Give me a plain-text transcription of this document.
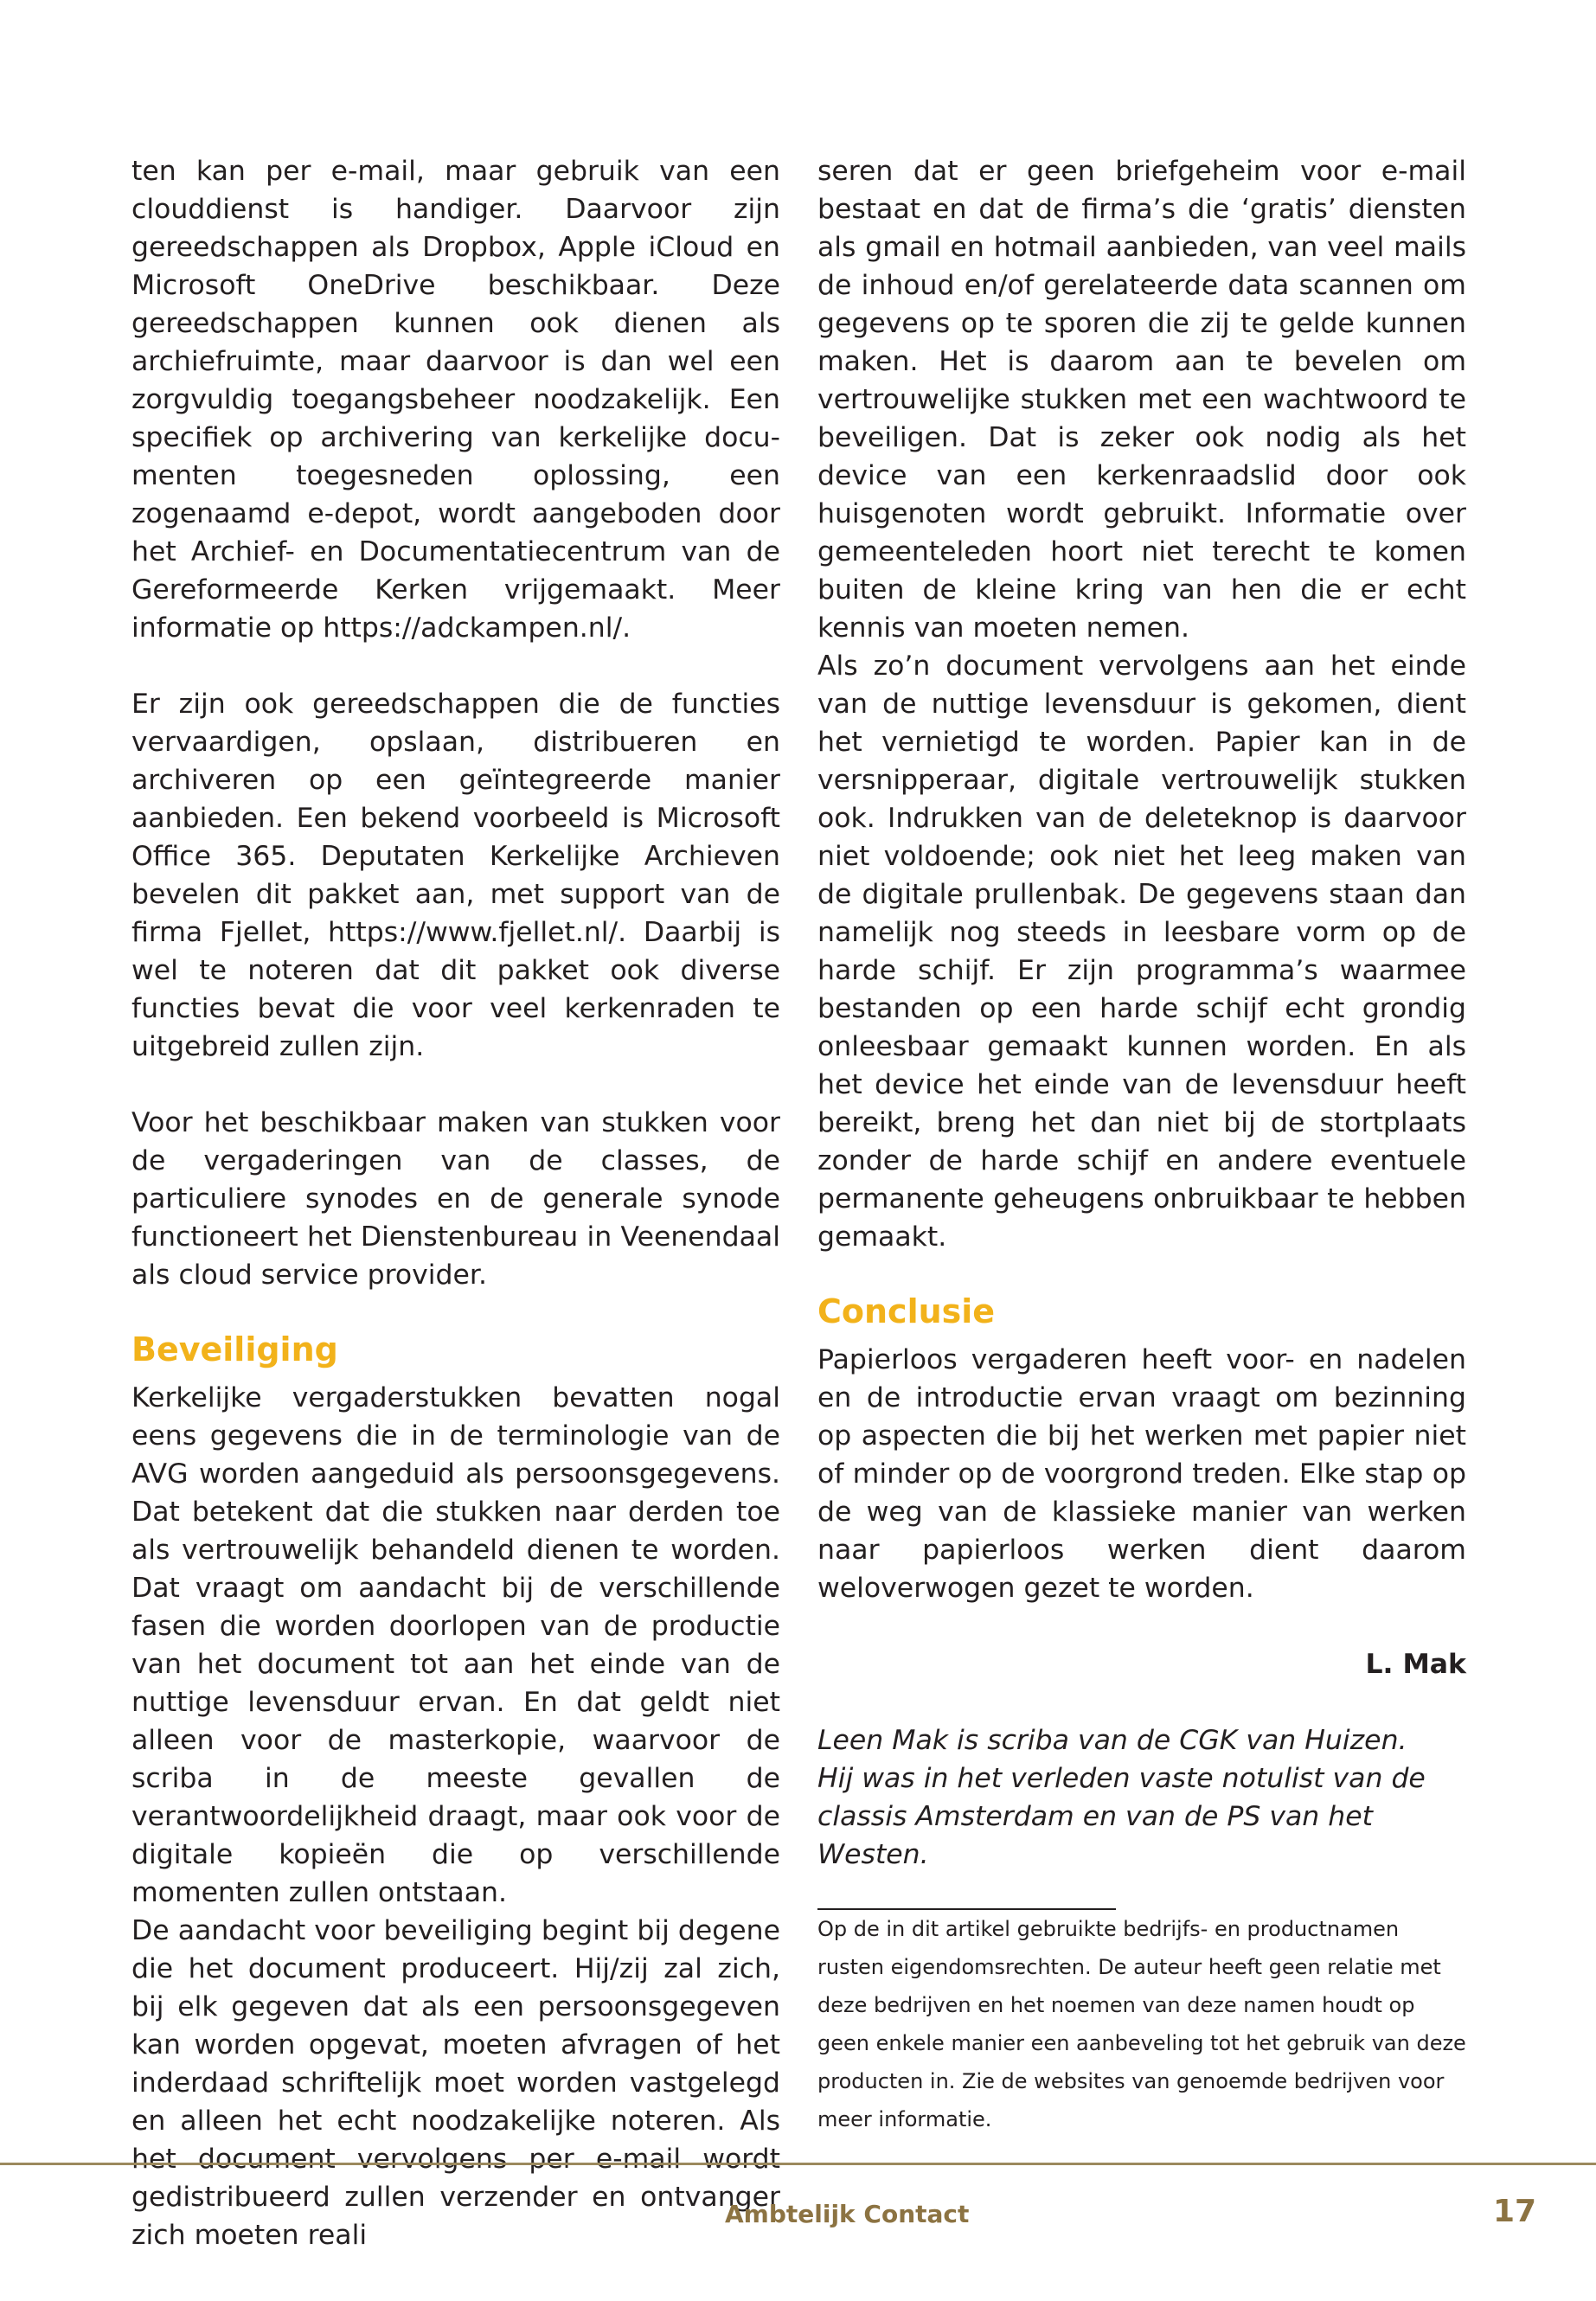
ten kan per e-mail, maar gebruik van een clouddienst is handiger. Daarvoor zijn gereedschappen als Dropbox, Apple iCloud en Microsoft OneDrive beschikbaar. Deze gereedschappen kunnen ook dienen als archiefruimte, maar daarvoor is dan wel een zorgvuldig toegangsbeheer noodzakelijk. Een specifiek op archivering van kerkelijke documenten toegesneden oplossing, een zogenaamd e-depot, wordt aangeboden door het Archief- en Documentatiecentrum van de Gereformeerde Kerken vrijgemaakt. Meer informatie op https://adckampen.nl/.

Er zijn ook gereedschappen die de functies vervaardigen, opslaan, distribueren en archiveren op een geïntegreerde manier aanbieden. Een bekend voorbeeld is Microsoft Office 365. Deputaten Kerkelijke Archieven bevelen dit pakket aan, met support van de firma Fjellet, https://www.fjellet.nl/. Daarbij is wel te noteren dat dit pakket ook diverse functies bevat die voor veel kerkenraden te uitgebreid zullen zijn.

Voor het beschikbaar maken van stukken voor de vergaderingen van de classes, de particuliere synodes en de generale synode functioneert het Dienstenbureau in Veenendaal als cloud service provider.

Beveiliging

Kerkelijke vergaderstukken bevatten nogal eens gegevens die in de terminologie van de AVG worden aangeduid als persoonsgegevens. Dat betekent dat die stukken naar derden toe als vertrouwelijk behandeld dienen te worden. Dat vraagt om aandacht bij de verschillende fasen die worden doorlopen van de productie van het document tot aan het einde van de nuttige levensduur ervan. En dat geldt niet alleen voor de masterkopie, waarvoor de scriba in de meeste gevallen de verantwoordelijkheid draagt, maar ook voor de digitale kopieën die op verschillende momenten zullen ontstaan.

De aandacht voor beveiliging begint bij degene die het document produceert. Hij/zij zal zich, bij elk gegeven dat als een persoonsgegeven kan worden opgevat, moeten afvragen of het inderdaad schriftelijk moet worden vastgelegd en alleen het echt noodzakelijke noteren. Als het document vervolgens per e-mail wordt gedistribueerd zullen verzender en ontvanger zich moeten reali

seren dat er geen briefgeheim voor e-mail bestaat en dat de firma’s die ‘gratis’ diensten als gmail en hotmail aanbieden, van veel mails de inhoud en/of gerelateerde data scannen om gegevens op te sporen die zij te gelde kunnen maken. Het is daarom aan te bevelen om vertrouwelijke stukken met een wachtwoord te beveiligen. Dat is zeker ook nodig als het device van een kerkenraadslid door ook huisgenoten wordt gebruikt. Informatie over gemeenteleden hoort niet terecht te komen buiten de kleine kring van hen die er echt kennis van moeten nemen.

Als zo’n document vervolgens aan het einde van de nuttige levensduur is gekomen, dient het vernietigd te worden. Papier kan in de versnipperaar, digitale vertrouwelijk stukken ook. Indrukken van de deleteknop is daarvoor niet voldoende; ook niet het leeg maken van de digitale prullenbak. De gegevens staan dan namelijk nog steeds in leesbare vorm op de harde schijf. Er zijn programma’s waarmee bestanden op een harde schijf echt grondig onleesbaar gemaakt kunnen worden. En als het device het einde van de levensduur heeft bereikt, breng het dan niet bij de stortplaats zonder de harde schijf en andere eventuele permanente geheugens onbruikbaar te hebben gemaakt.

Conclusie

Papierloos vergaderen heeft voor- en nadelen en de introductie ervan vraagt om bezinning op aspecten die bij het werken met papier niet of minder op de voorgrond treden. Elke stap op de weg van de klassieke manier van werken naar papierloos werken dient daarom weloverwogen gezet te worden.

L. Mak

Leen Mak is scriba van de CGK van Huizen.

Hij was in het verleden vaste notulist van de classis Amsterdam en van de PS van het Westen.

Op de in dit artikel gebruikte bedrijfs- en productnamen rusten eigendomsrechten. De auteur heeft geen relatie met deze bedrijven en het noemen van deze namen houdt op geen enkele manier een aanbeveling tot het gebruik van deze producten in. Zie de websites van genoemde bedrijven voor meer informatie.

Ambtelijk Contact	17
